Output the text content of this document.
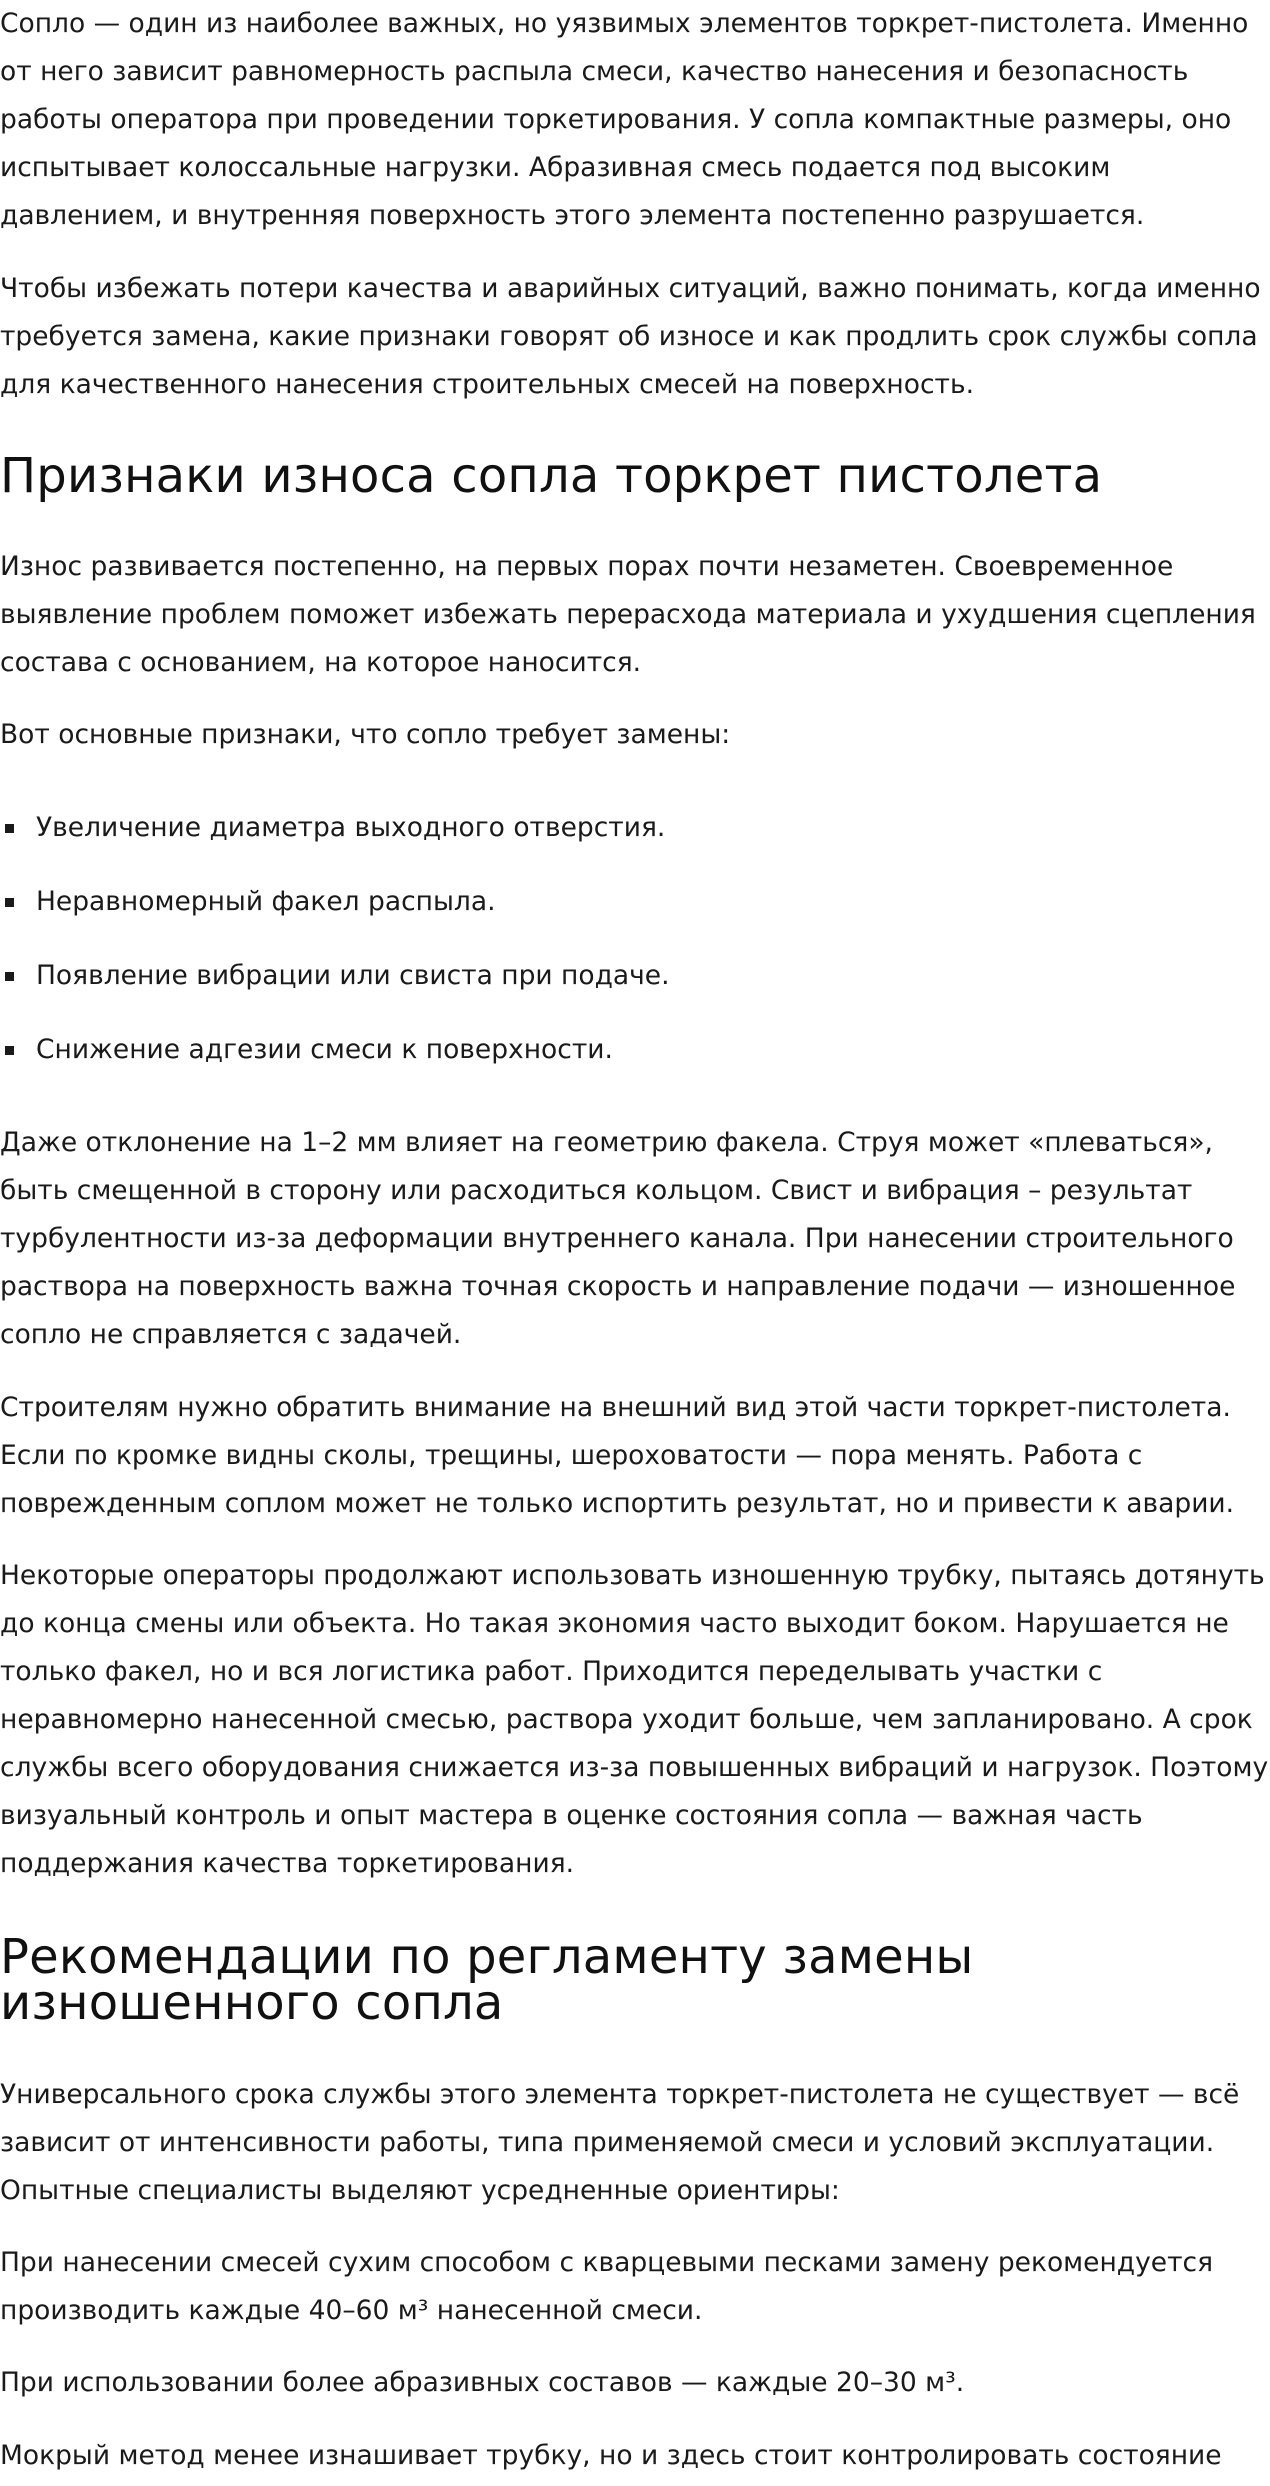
Сопло — один из наиболее важных, но уязвимых элементов торкрет-пистолета. Именно от него зависит равномерность распыла смеси, качество нанесения и безопасность работы оператора при проведении торкетирования. У сопла компактные размеры, оно испытывает колоссальные нагрузки. Абразивная смесь подается под высоким давлением, и внутренняя поверхность этого элемента постепенно разрушается.

Чтобы избежать потери качества и аварийных ситуаций, важно понимать, когда именно требуется замена, какие признаки говорят об износе и как продлить срок службы сопла для качественного нанесения строительных смесей на поверхность.

Признаки износа сопла торкрет пистолета

Износ развивается постепенно, на первых порах почти незаметен. Своевременное выявление проблем поможет избежать перерасхода материала и ухудшения сцепления состава с основанием, на которое наносится.

Вот основные признаки, что сопло требует замены:

Увеличение диаметра выходного отверстия.
Неравномерный факел распыла.
Появление вибрации или свиста при подаче.
Снижение адгезии смеси к поверхности.

Даже отклонение на 1–2 мм влияет на геометрию факела. Струя может «плеваться», быть смещенной в сторону или расходиться кольцом. Свист и вибрация – результат турбулентности из-за деформации внутреннего канала. При нанесении строительного раствора на поверхность важна точная скорость и направление подачи — изношенное сопло не справляется с задачей.

Строителям нужно обратить внимание на внешний вид этой части торкрет-пистолета. Если по кромке видны сколы, трещины, шероховатости — пора менять. Работа с поврежденным соплом может не только испортить результат, но и привести к аварии.

Некоторые операторы продолжают использовать изношенную трубку, пытаясь дотянуть до конца смены или объекта. Но такая экономия часто выходит боком. Нарушается не только факел, но и вся логистика работ. Приходится переделывать участки с неравномерно нанесенной смесью, раствора уходит больше, чем запланировано. А срок службы всего оборудования снижается из-за повышенных вибраций и нагрузок. Поэтому визуальный контроль и опыт мастера в оценке состояния сопла — важная часть поддержания качества торкетирования.

Рекомендации по регламенту замены изношенного сопла

Универсального срока службы этого элемента торкрет-пистолета не существует — всё зависит от интенсивности работы, типа применяемой смеси и условий эксплуатации. Опытные специалисты выделяют усредненные ориентиры:

При нанесении смесей сухим способом с кварцевыми песками замену рекомендуется производить каждые 40–60 м³ нанесенной смеси.

При использовании более абразивных составов — каждые 20–30 м³.

Мокрый метод менее изнашивает трубку, но и здесь стоит контролировать состояние
